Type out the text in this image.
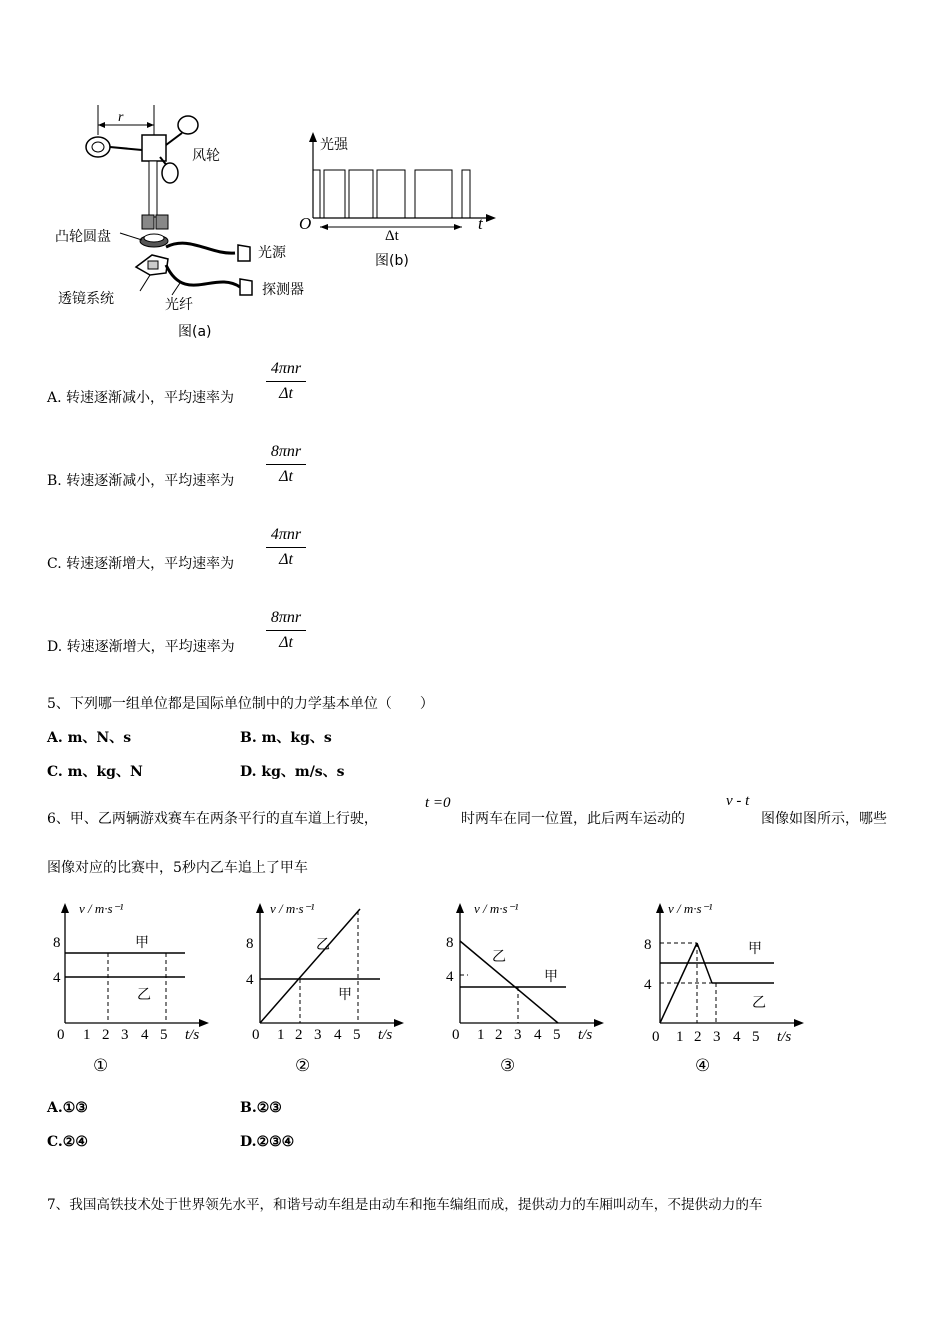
r
风轮
凸轮圆盘
光源
透镜系统
探测器
光纤
图(a)
光强
O	t
Δt
图(b)
A. 转速逐渐减小，平均速率为
4πnr
Δt
B. 转速逐渐减小，平均速率为
8πnr
Δt
C. 转速逐渐增大，平均速率为
4πnr
Δt
D. 转速逐渐增大，平均速率为
8πnr
Δt
5、下列哪一组单位都是国际单位制中的力学基本单位（　　）
A. m、N、s	B. m、kg、s
C. m、kg、N	D. kg、m/s、s
6、甲、乙两辆游戏赛车在两条平行的直车道上行驶，
t =0
时两车在同一位置，此后两车运动的
v - t
图像如图所示，哪些
图像对应的比赛中，5秒内乙车追上了甲车
v / m·s⁻¹
8
4
甲
乙
0 1 2 3 4 5 t/s
①
v / m·s⁻¹
8
4
乙
甲
0 1 2 3 4 5 t/s
②
v / m·s⁻¹
8
4
乙
甲
0 1 2 3 4 5 t/s
③
v / m·s⁻¹
8
4
甲
乙
0 1 2 3 4 5 t/s
④
A.①③	B.②③
C.②④	D.②③④
7、我国高铁技术处于世界领先水平，和谐号动车组是由动车和拖车编组而成，提供动力的车厢叫动车，不提供动力的车
